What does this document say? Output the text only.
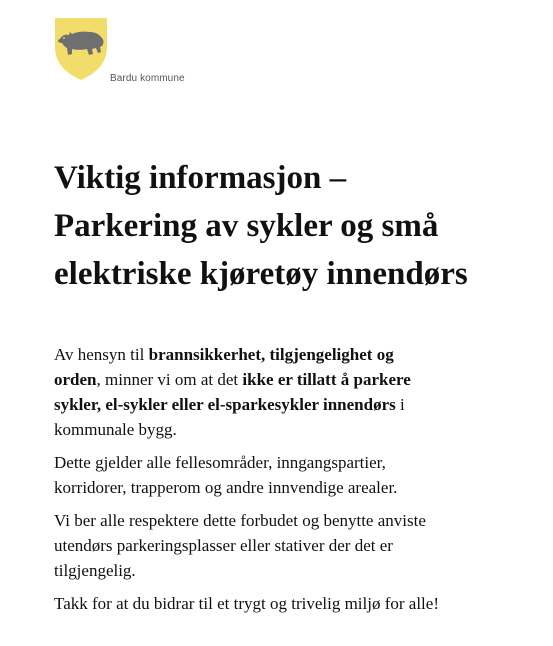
Bardu kommune
Viktig informasjon –
Parkering av sykler og små
elektriske kjøretøy innendørs

Av hensyn til brannsikkerhet, tilgjengelighet og
orden, minner vi om at det ikke er tillatt å parkere
sykler, el-sykler eller el-sparkesykler innendørs i
kommunale bygg.

Dette gjelder alle fellesområder, inngangspartier,
korridorer, trapperom og andre innvendige arealer.

Vi ber alle respektere dette forbudet og benytte anviste
utendørs parkeringsplasser eller stativer der det er
tilgjengelig.

Takk for at du bidrar til et trygt og trivelig miljø for alle!
